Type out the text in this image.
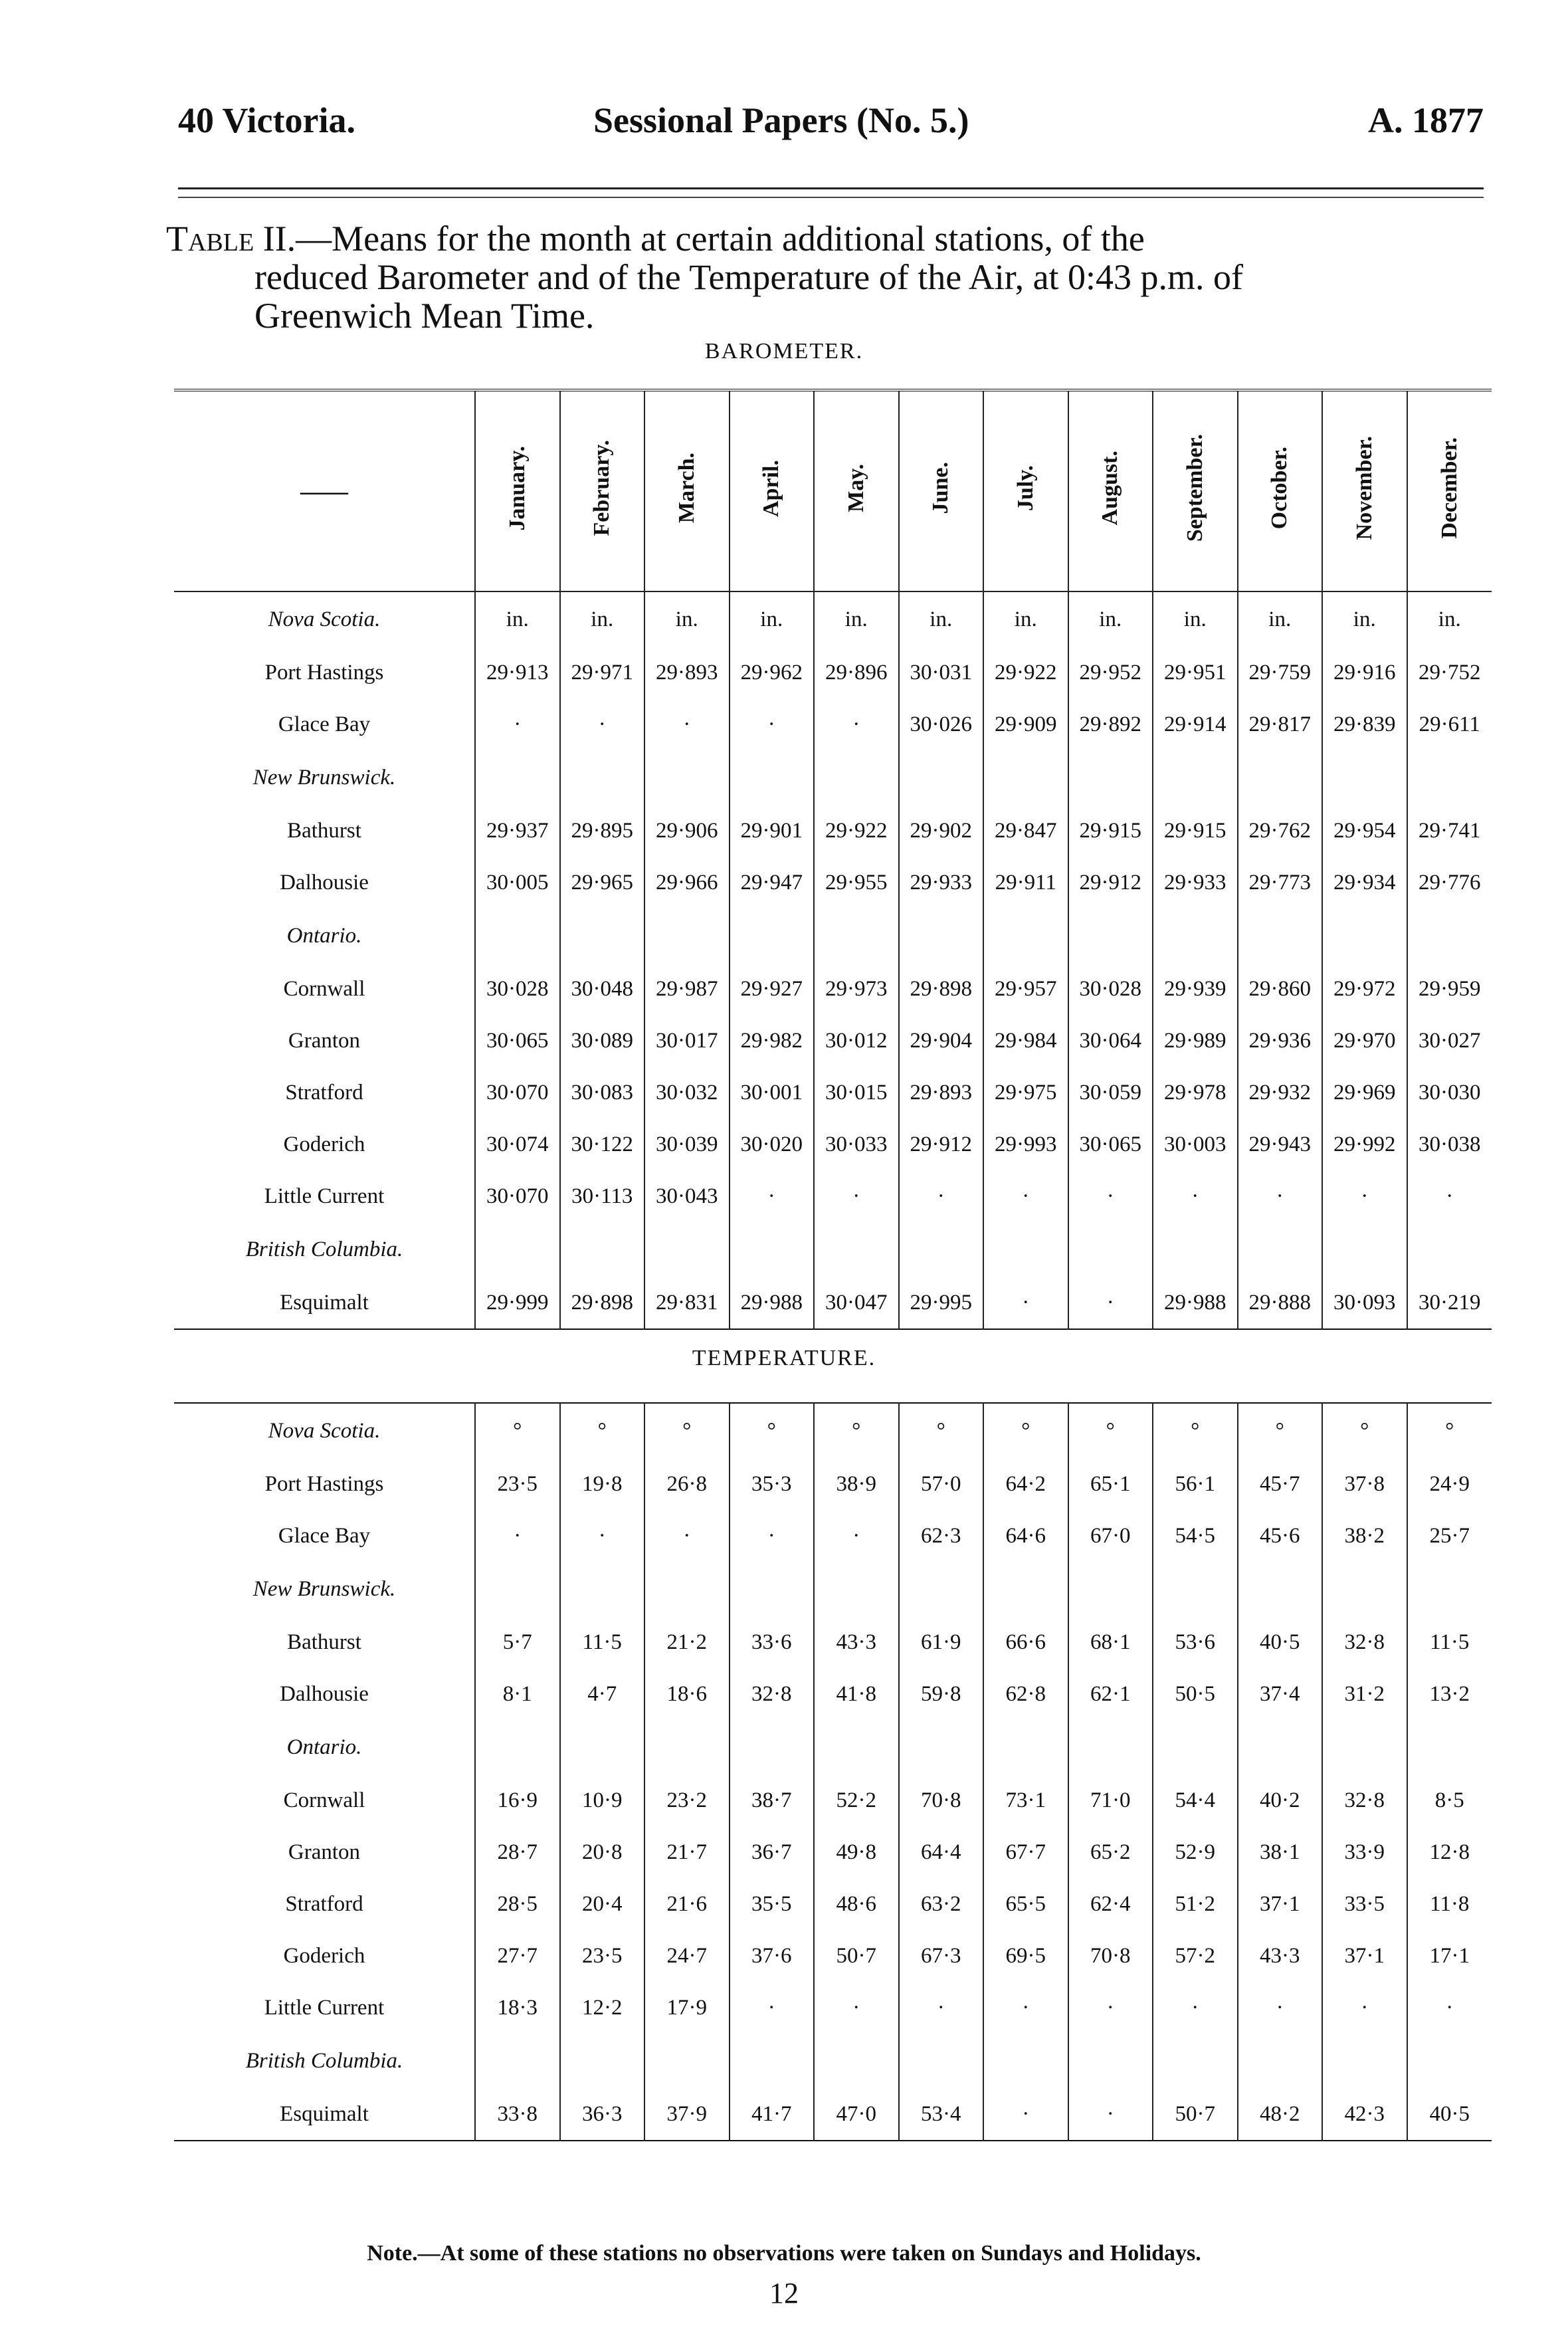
40 Victoria.	Sessional Papers (No. 5.)	A. 1877
Table II.—Means for the month at certain additional stations, of the
reduced Barometer and of the Temperature of the Air, at 0:43 p.m. of
Greenwich Mean Time.
BAROMETER.
——	January.	February.	March.	April.	May.	June.	July.	August.	September.	October.	November.	December.
Nova Scotia.	in.	in.	in.	in.	in.	in.	in.	in.	in.	in.	in.	in.
Port Hastings	29·913	29·971	29·893	29·962	29·896	30·031	29·922	29·952	29·951	29·759	29·916	29·752
Glace Bay	·	·	·	·	·	30·026	29·909	29·892	29·914	29·817	29·839	29·611
New Brunswick.												
Bathurst	29·937	29·895	29·906	29·901	29·922	29·902	29·847	29·915	29·915	29·762	29·954	29·741
Dalhousie	30·005	29·965	29·966	29·947	29·955	29·933	29·911	29·912	29·933	29·773	29·934	29·776
Ontario.												
Cornwall	30·028	30·048	29·987	29·927	29·973	29·898	29·957	30·028	29·939	29·860	29·972	29·959
Granton	30·065	30·089	30·017	29·982	30·012	29·904	29·984	30·064	29·989	29·936	29·970	30·027
Stratford	30·070	30·083	30·032	30·001	30·015	29·893	29·975	30·059	29·978	29·932	29·969	30·030
Goderich	30·074	30·122	30·039	30·020	30·033	29·912	29·993	30·065	30·003	29·943	29·992	30·038
Little Current	30·070	30·113	30·043	·	·	·	·	·	·	·	·	·
British Columbia.												
Esquimalt	29·999	29·898	29·831	29·988	30·047	29·995	·	·	29·988	29·888	30·093	30·219
TEMPERATURE.
Nova Scotia.	°	°	°	°	°	°	°	°	°	°	°	°
Port Hastings	23·5	19·8	26·8	35·3	38·9	57·0	64·2	65·1	56·1	45·7	37·8	24·9
Glace Bay	·	·	·	·	·	62·3	64·6	67·0	54·5	45·6	38·2	25·7
New Brunswick.												
Bathurst	5·7	11·5	21·2	33·6	43·3	61·9	66·6	68·1	53·6	40·5	32·8	11·5
Dalhousie	8·1	4·7	18·6	32·8	41·8	59·8	62·8	62·1	50·5	37·4	31·2	13·2
Ontario.												
Cornwall	16·9	10·9	23·2	38·7	52·2	70·8	73·1	71·0	54·4	40·2	32·8	8·5
Granton	28·7	20·8	21·7	36·7	49·8	64·4	67·7	65·2	52·9	38·1	33·9	12·8
Stratford	28·5	20·4	21·6	35·5	48·6	63·2	65·5	62·4	51·2	37·1	33·5	11·8
Goderich	27·7	23·5	24·7	37·6	50·7	67·3	69·5	70·8	57·2	43·3	37·1	17·1
Little Current	18·3	12·2	17·9	·	·	·	·	·	·	·	·	·
British Columbia.												
Esquimalt	33·8	36·3	37·9	41·7	47·0	53·4	·	·	50·7	48·2	42·3	40·5
Note.—At some of these stations no observations were taken on Sundays and Holidays.
12
